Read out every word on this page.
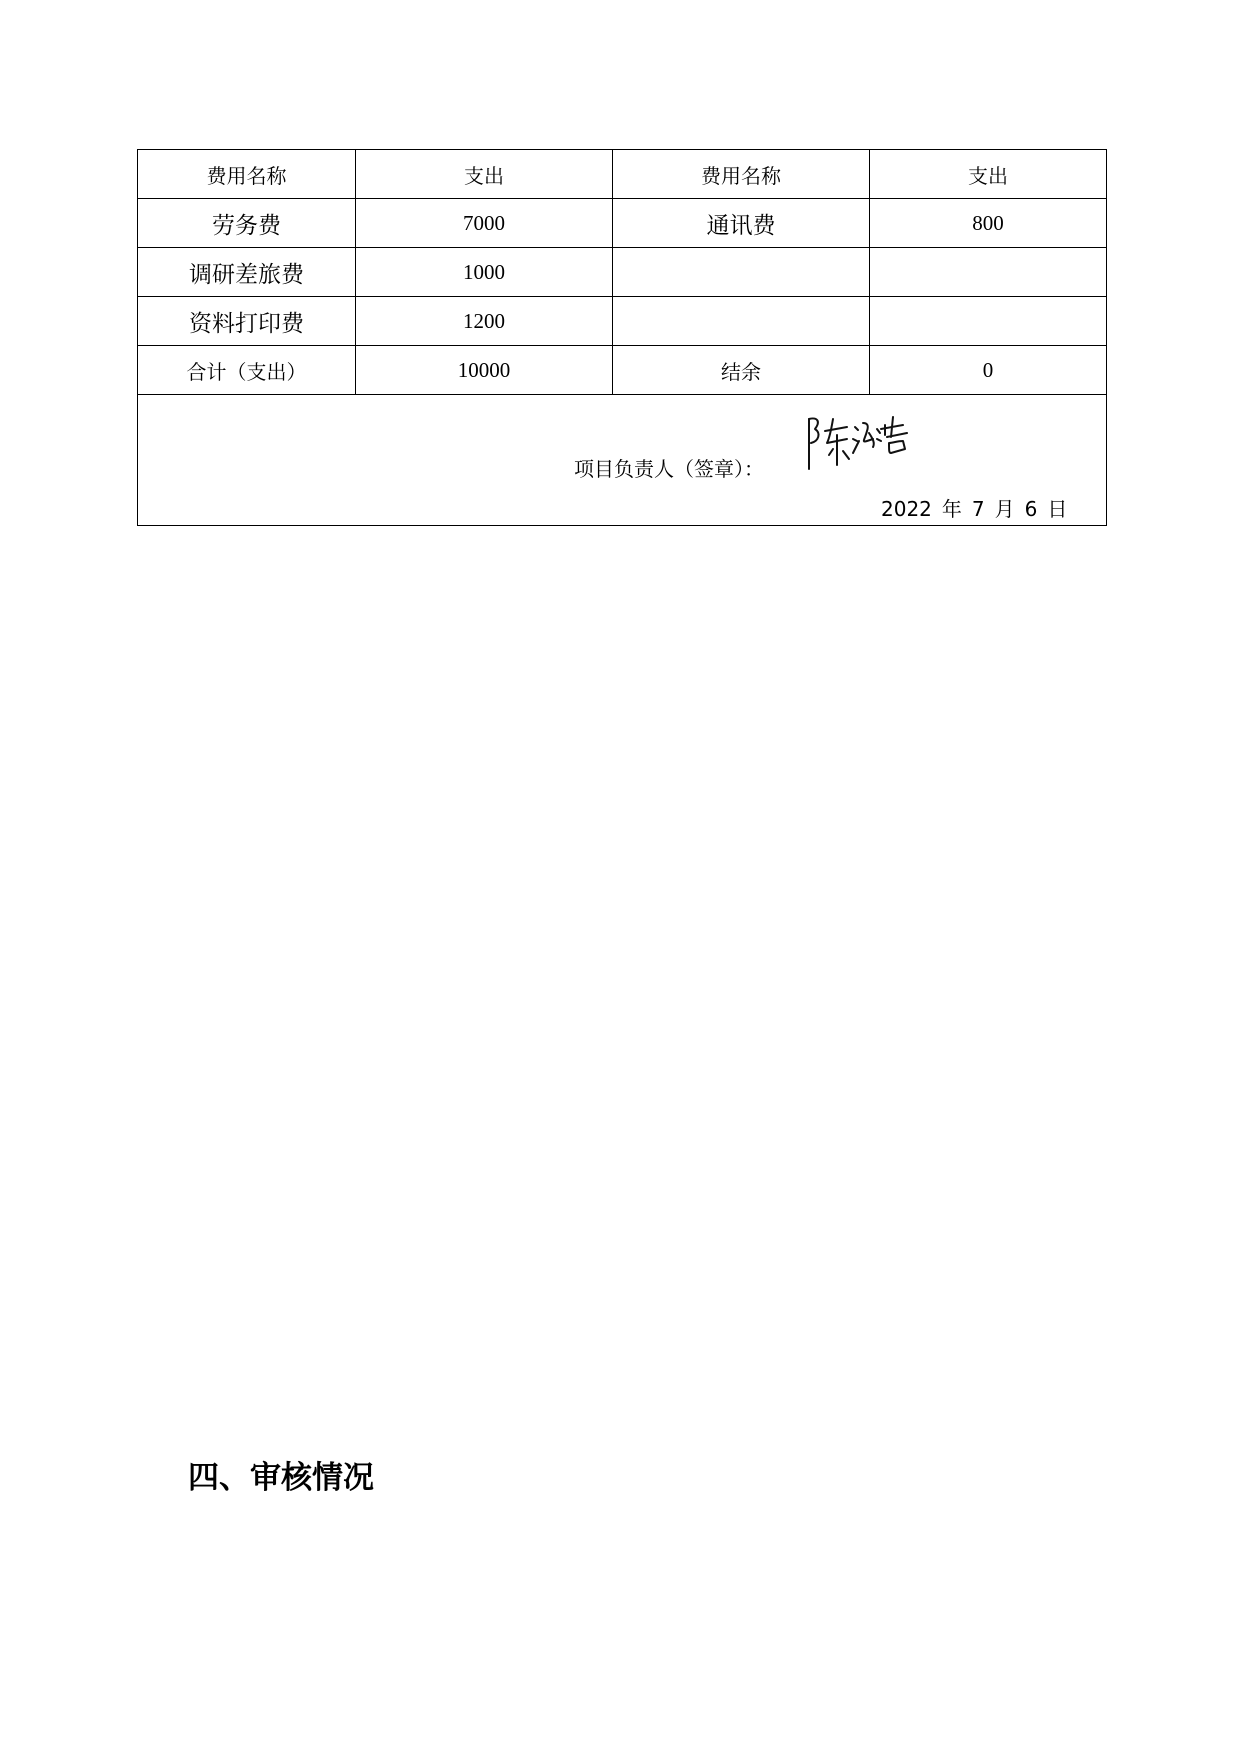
费用名称	支出	费用名称	支出
劳务费	7000	通讯费	800
调研差旅费	1000		
资料打印费	1200		
合计（支出）	10000	结余	0

项目负责人（签章）：
2022 年 7 月 6 日			
四、审核情况
